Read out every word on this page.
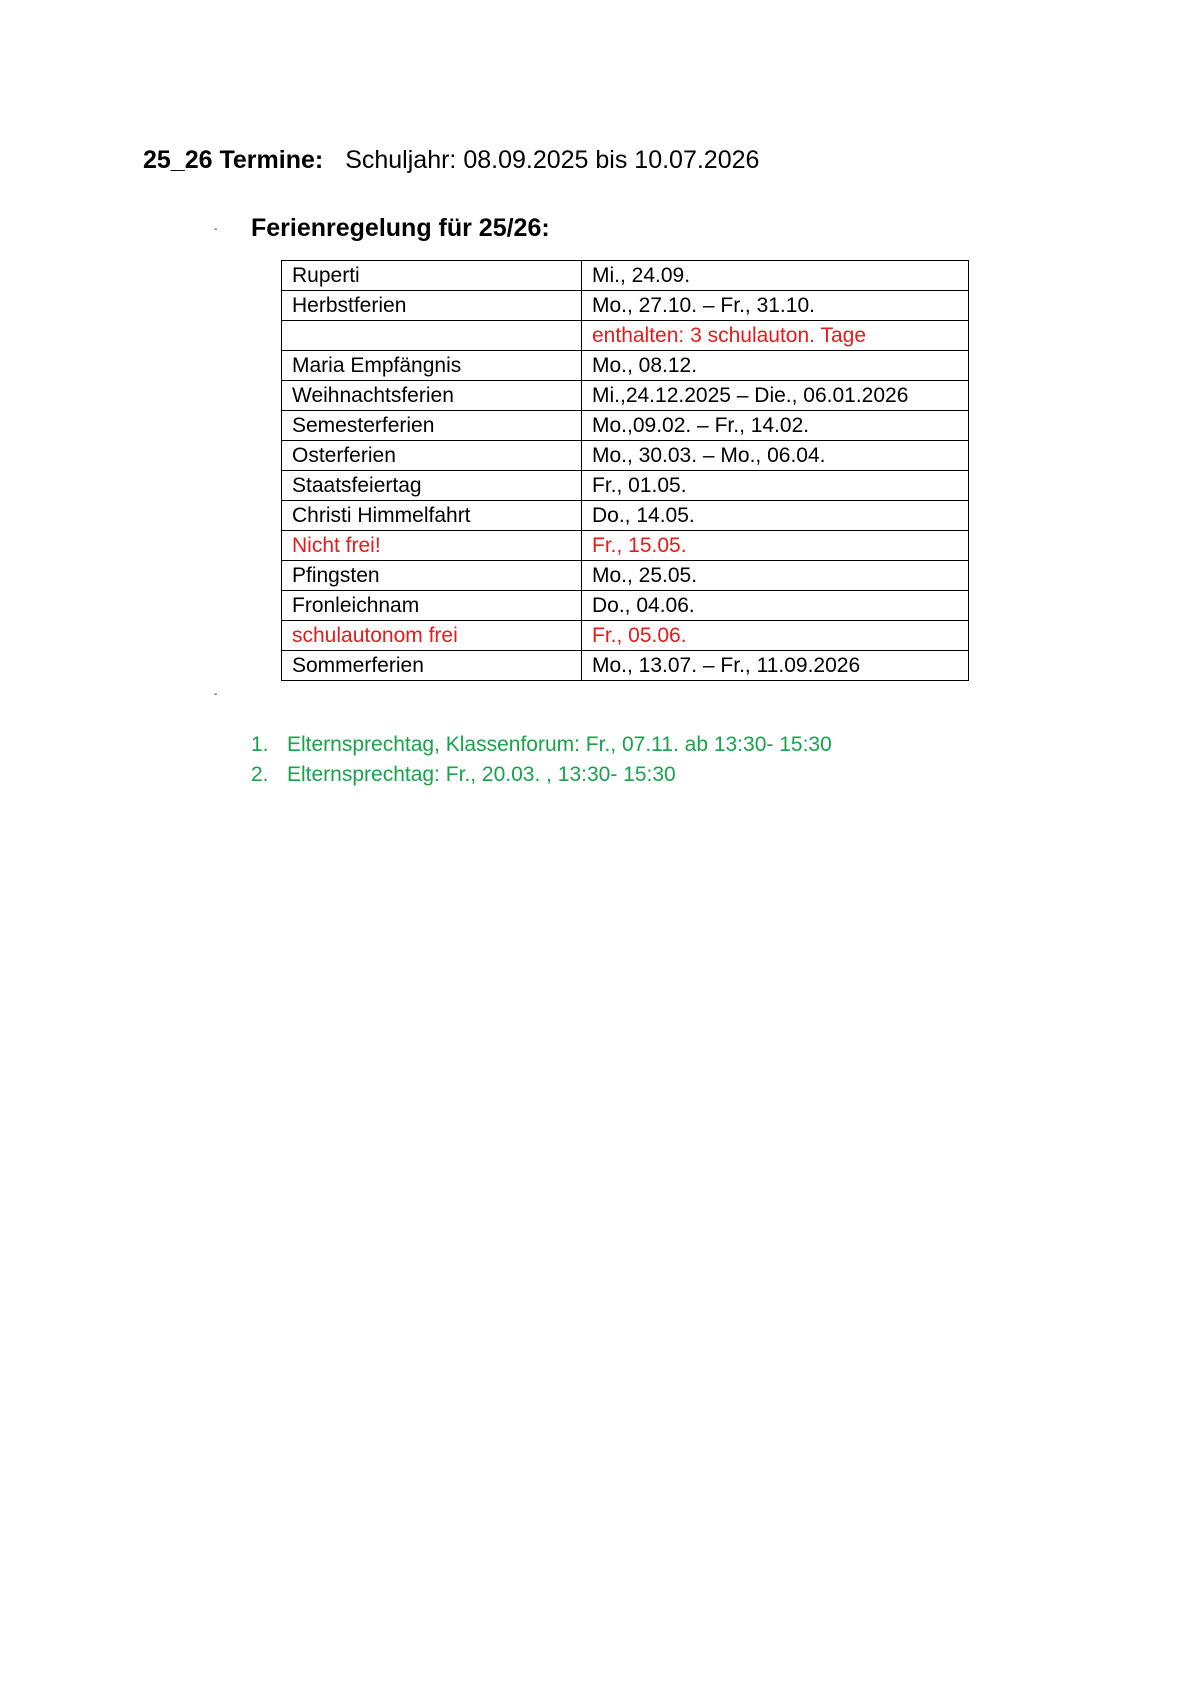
25_26 Termine: Schuljahr: 08.09.2025 bis 10.07.2026
- Ferienregelung für 25/26:
Ruperti	Mi., 24.09.
Herbstferien	Mo., 27.10. – Fr., 31.10.
	enthalten: 3 schulauton. Tage
Maria Empfängnis	Mo., 08.12.
Weihnachtsferien	Mi.,24.12.2025 – Die., 06.01.2026
Semesterferien	Mo.,09.02. – Fr., 14.02.
Osterferien	Mo., 30.03. – Mo., 06.04.
Staatsfeiertag	Fr., 01.05.
Christi Himmelfahrt	Do., 14.05.
Nicht frei!	Fr., 15.05.
Pfingsten	Mo., 25.05.
Fronleichnam	Do., 04.06.
schulautonom frei	Fr., 05.06.
Sommerferien	Mo., 13.07. – Fr., 11.09.2026
-
1. Elternsprechtag, Klassenforum: Fr., 07.11. ab 13:30- 15:30
2. Elternsprechtag: Fr., 20.03. , 13:30- 15:30
